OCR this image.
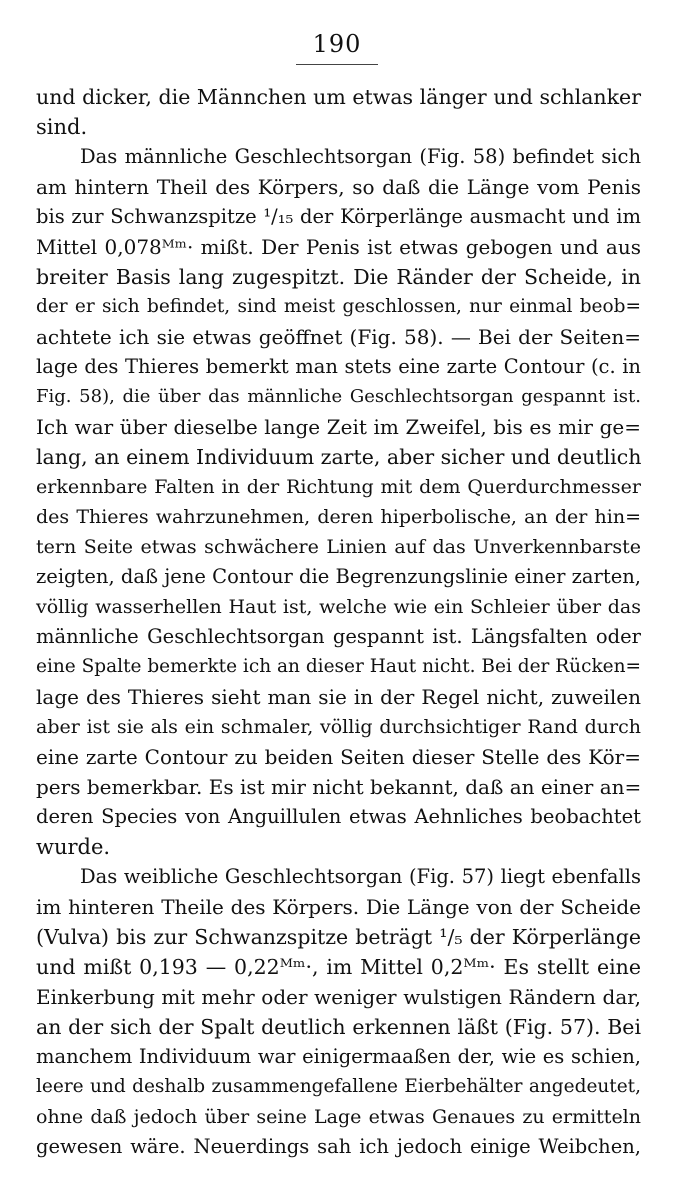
190
und dicker, die Männchen um etwas länger und schlanker
sind.
Das männliche Geschlechtsorgan (Fig. 58) befindet sich
am hintern Theil des Körpers, so daß die Länge vom Penis
bis zur Schwanzspitze ¹/₁₅ der Körperlänge ausmacht und im
Mittel 0,078ᴹᵐ· mißt. Der Penis ist etwas gebogen und aus
breiter Basis lang zugespitzt. Die Ränder der Scheide, in
der er sich befindet, sind meist geschlossen, nur einmal beob=
achtete ich sie etwas geöffnet (Fig. 58). — Bei der Seiten=
lage des Thieres bemerkt man stets eine zarte Contour (c. in
Fig. 58), die über das männliche Geschlechtsorgan gespannt ist.
Ich war über dieselbe lange Zeit im Zweifel, bis es mir ge=
lang, an einem Individuum zarte, aber sicher und deutlich
erkennbare Falten in der Richtung mit dem Querdurchmesser
des Thieres wahrzunehmen, deren hiperbolische, an der hin=
tern Seite etwas schwächere Linien auf das Unverkennbarste
zeigten, daß jene Contour die Begrenzungslinie einer zarten,
völlig wasserhellen Haut ist, welche wie ein Schleier über das
männliche Geschlechtsorgan gespannt ist. Längsfalten oder
eine Spalte bemerkte ich an dieser Haut nicht. Bei der Rücken=
lage des Thieres sieht man sie in der Regel nicht, zuweilen
aber ist sie als ein schmaler, völlig durchsichtiger Rand durch
eine zarte Contour zu beiden Seiten dieser Stelle des Kör=
pers bemerkbar. Es ist mir nicht bekannt, daß an einer an=
deren Species von Anguillulen etwas Aehnliches beobachtet
wurde.
Das weibliche Geschlechtsorgan (Fig. 57) liegt ebenfalls
im hinteren Theile des Körpers. Die Länge von der Scheide
(Vulva) bis zur Schwanzspitze beträgt ¹/₅ der Körperlänge
und mißt 0,193 — 0,22ᴹᵐ·, im Mittel 0,2ᴹᵐ· Es stellt eine
Einkerbung mit mehr oder weniger wulstigen Rändern dar,
an der sich der Spalt deutlich erkennen läßt (Fig. 57). Bei
manchem Individuum war einigermaaßen der, wie es schien,
leere und deshalb zusammengefallene Eierbehälter angedeutet,
ohne daß jedoch über seine Lage etwas Genaues zu ermitteln
gewesen wäre. Neuerdings sah ich jedoch einige Weibchen,
